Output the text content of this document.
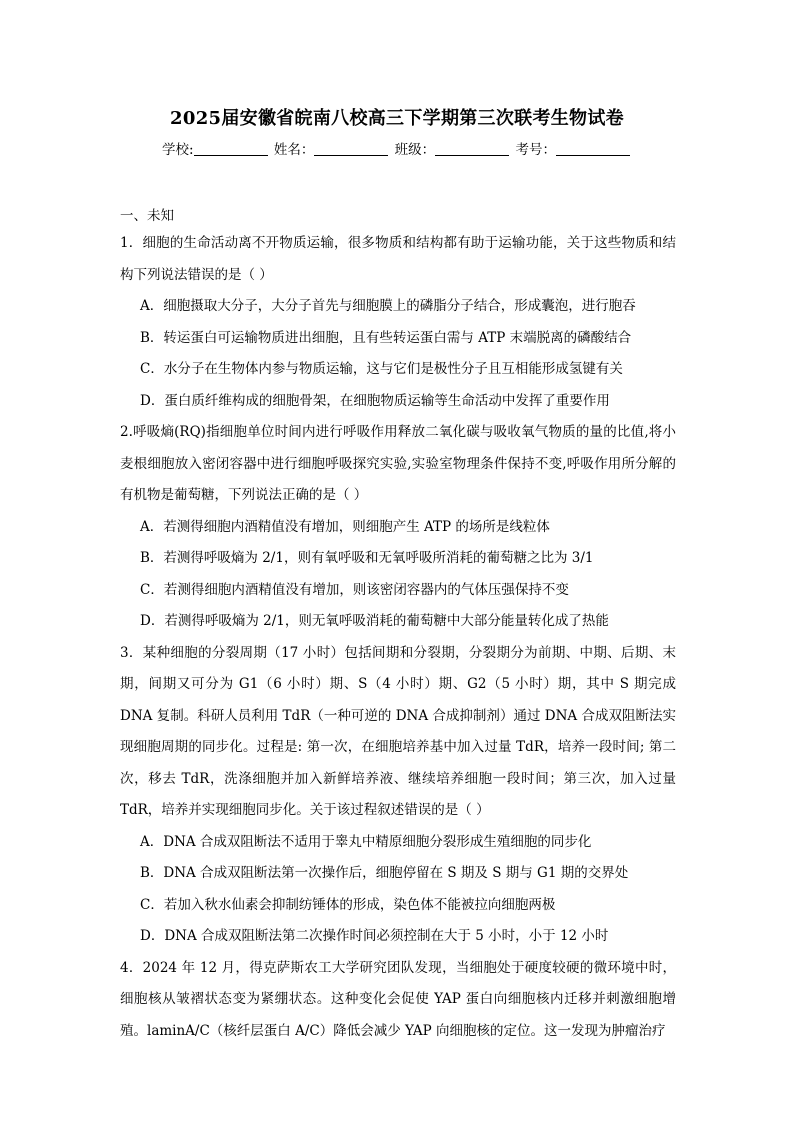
2025届安徽省皖南八校高三下学期第三次联考生物试卷
学校:	姓名：	班级：	考号：
一、未知

1．细胞的生命活动离不开物质运输，很多物质和结构都有助于运输功能，关于这些物质和结构下列说法错误的是（ ）

A．细胞摄取大分子，大分子首先与细胞膜上的磷脂分子结合，形成囊泡，进行胞吞

B．转运蛋白可运输物质进出细胞，且有些转运蛋白需与 ATP 末端脱离的磷酸结合

C．水分子在生物体内参与物质运输，这与它们是极性分子且互相能形成氢键有关

D．蛋白质纤维构成的细胞骨架，在细胞物质运输等生命活动中发挥了重要作用

2.呼吸熵(RQ)指细胞单位时间内进行呼吸作用释放二氧化碳与吸收氧气物质的量的比值,将小麦根细胞放入密闭容器中进行细胞呼吸探究实验,实验室物理条件保持不变,呼吸作用所分解的有机物是葡萄糖，下列说法正确的是（ ）

A．若测得细胞内酒精值没有增加，则细胞产生 ATP 的场所是线粒体

B．若测得呼吸熵为 2/1，则有氧呼吸和无氧呼吸所消耗的葡萄糖之比为 3/1

C．若测得细胞内酒精值没有增加，则该密闭容器内的气体压强保持不变

D．若测得呼吸熵为 2/1，则无氧呼吸消耗的葡萄糖中大部分能量转化成了热能

3．某种细胞的分裂周期（17 小时）包括间期和分裂期，分裂期分为前期、中期、后期、末期，间期又可分为 G1（6 小时）期、S（4 小时）期、G2（5 小时）期，其中 S 期完成 DNA 复制。科研人员利用 TdR（一种可逆的 DNA 合成抑制剂）通过 DNA 合成双阻断法实现细胞周期的同步化。过程是: 第一次，在细胞培养基中加入过量 TdR，培养一段时间; 第二次，移去 TdR，洗涤细胞并加入新鲜培养液、继续培养细胞一段时间；第三次，加入过量 TdR，培养并实现细胞同步化。关于该过程叙述错误的是（ ）

A．DNA 合成双阻断法不适用于睾丸中精原细胞分裂形成生殖细胞的同步化

B．DNA 合成双阻断法第一次操作后，细胞停留在 S 期及 S 期与 G1 期的交界处

C．若加入秋水仙素会抑制纺锤体的形成，染色体不能被拉向细胞两极

D．DNA 合成双阻断法第二次操作时间必须控制在大于 5 小时，小于 12 小时

4．2024 年 12 月，得克萨斯农工大学研究团队发现，当细胞处于硬度较硬的微环境中时，细胞核从皱褶状态变为紧绷状态。这种变化会促使 YAP 蛋白向细胞核内迁移并刺激细胞增殖。laminA/C（核纤层蛋白 A/C）降低会减少 YAP 向细胞核的定位。这一发现为肿瘤治疗
